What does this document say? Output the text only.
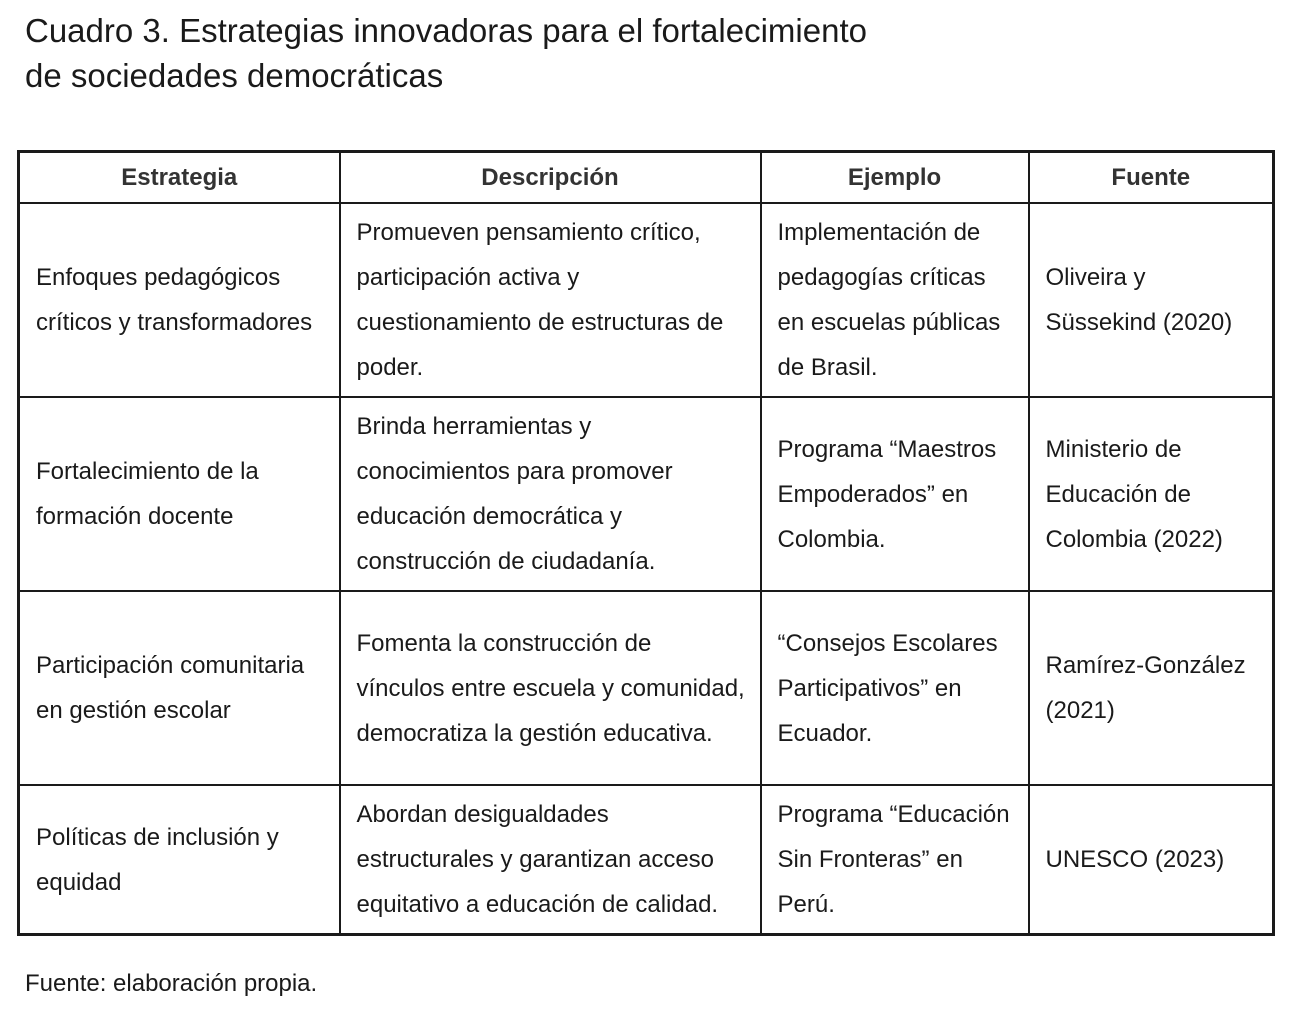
Cuadro 3. Estrategias innovadoras para el fortalecimiento
de sociedades democráticas
Estrategia	Descripción	Ejemplo	Fuente
Enfoques pedagógicos críticos y transformadores	Promueven pensamiento crítico, participación activa y cuestionamiento de estructuras de poder.	Implementación de pedagogías críticas en escuelas públicas de Brasil.	Oliveira y Süssekind (2020)
Fortalecimiento de la formación docente	Brinda herramientas y conocimientos para promover educación democrática y construcción de ciudadanía.	Programa “Maestros Empoderados” en Colombia.	Ministerio de Educación de Colombia (2022)
Participación comunitaria en gestión escolar	Fomenta la construcción de vínculos entre escuela y comunidad, democratiza la gestión educativa.	“Consejos Escolares Participativos” en Ecuador.	Ramírez-González (2021)
Políticas de inclusión y equidad	Abordan desigualdades estructurales y garantizan acceso equitativo a educación de calidad.	Programa “Educación Sin Fronteras” en Perú.	UNESCO (2023)
Fuente: elaboración propia.
